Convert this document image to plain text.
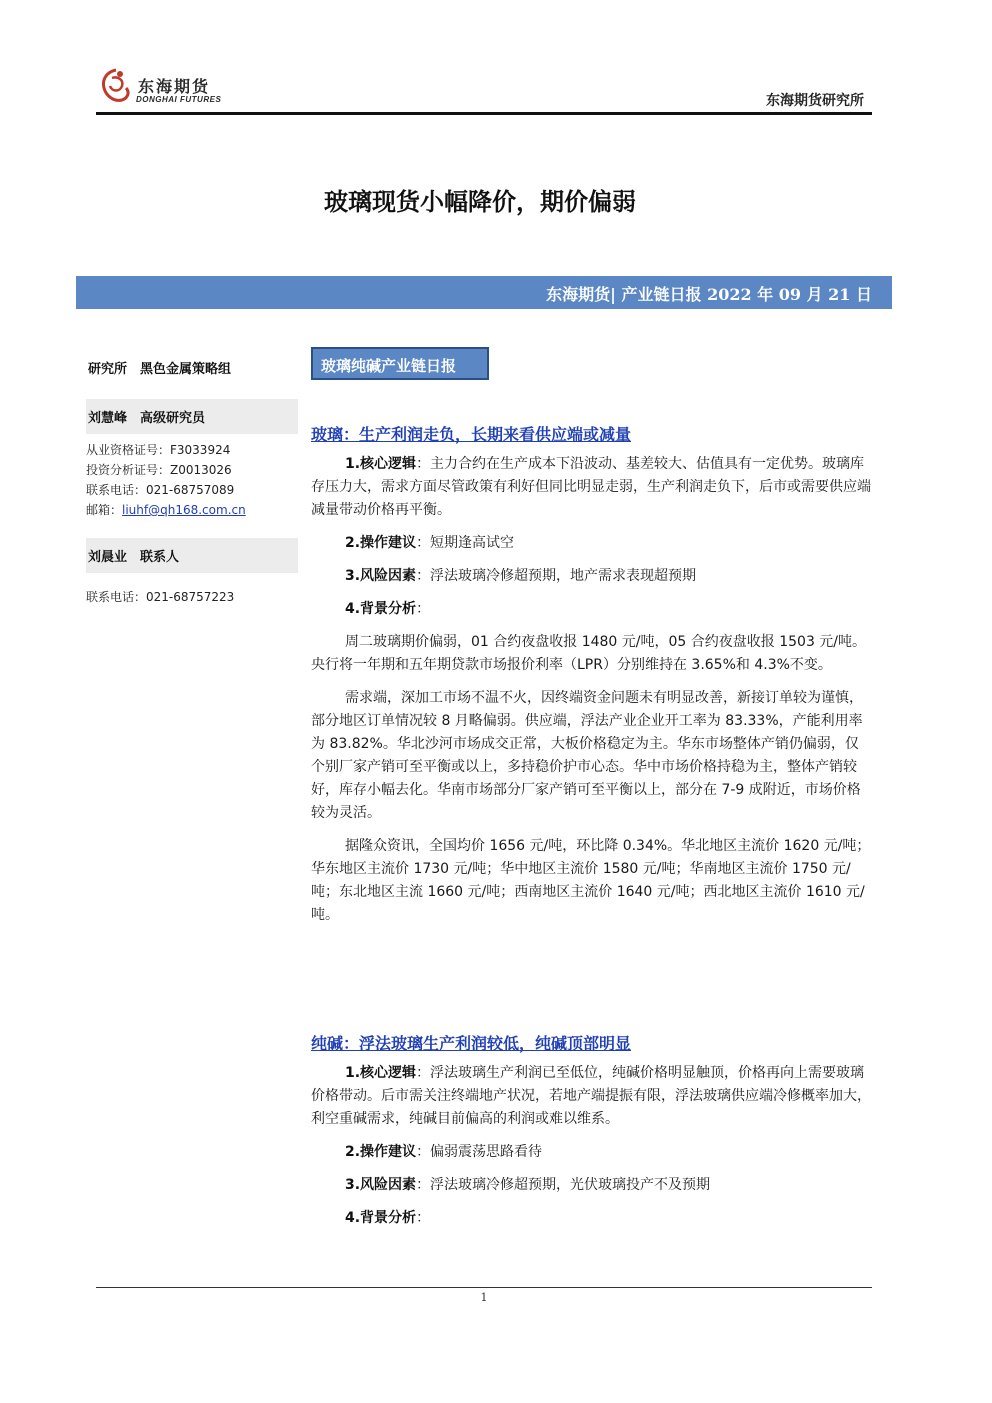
东海期货
DONGHAI FUTURES	东海期货研究所
玻璃现货小幅降价，期价偏弱
东海期货| 产业链日报 2022 年 09 月 21 日
研究所　黑色金属策略组
刘慧峰　高级研究员
从业资格证号：F3033924
投资分析证号：Z0013026
联系电话：021-68757089
邮箱：liuhf@qh168.com.cn
刘晨业　联系人
联系电话：021-68757223
玻璃纯碱产业链日报
玻璃：生产利润走负，长期来看供应端或减量

1.核心逻辑：主力合约在生产成本下沿波动、基差较大、估值具有一定优势。玻璃库存压力大，需求方面尽管政策有利好但同比明显走弱，生产利润走负下，后市或需要供应端减量带动价格再平衡。

2.操作建议：短期逢高试空

3.风险因素：浮法玻璃冷修超预期，地产需求表现超预期

4.背景分析：

周二玻璃期价偏弱，01 合约夜盘收报 1480 元/吨，05 合约夜盘收报 1503 元/吨。央行将一年期和五年期贷款市场报价利率（LPR）分别维持在 3.65%和 4.3%不变。

需求端，深加工市场不温不火，因终端资金问题未有明显改善，新接订单较为谨慎，部分地区订单情况较 8 月略偏弱。供应端，浮法产业企业开工率为 83.33%，产能利用率为 83.82%。华北沙河市场成交正常，大板价格稳定为主。华东市场整体产销仍偏弱，仅个别厂家产销可至平衡或以上，多持稳价护市心态。华中市场价格持稳为主，整体产销较好，库存小幅去化。华南市场部分厂家产销可至平衡以上，部分在 7-9 成附近，市场价格较为灵活。

据隆众资讯，全国均价 1656 元/吨，环比降 0.34%。华北地区主流价 1620 元/吨；华东地区主流价 1730 元/吨；华中地区主流价 1580 元/吨；华南地区主流价 1750 元/吨；东北地区主流 1660 元/吨；西南地区主流价 1640 元/吨；西北地区主流价 1610 元/吨。

纯碱：浮法玻璃生产利润较低，纯碱顶部明显

1.核心逻辑：浮法玻璃生产利润已至低位，纯碱价格明显触顶，价格再向上需要玻璃价格带动。后市需关注终端地产状况，若地产端提振有限，浮法玻璃供应端冷修概率加大，利空重碱需求，纯碱目前偏高的利润或难以维系。

2.操作建议：偏弱震荡思路看待

3.风险因素：浮法玻璃冷修超预期，光伏玻璃投产不及预期

4.背景分析：

1
